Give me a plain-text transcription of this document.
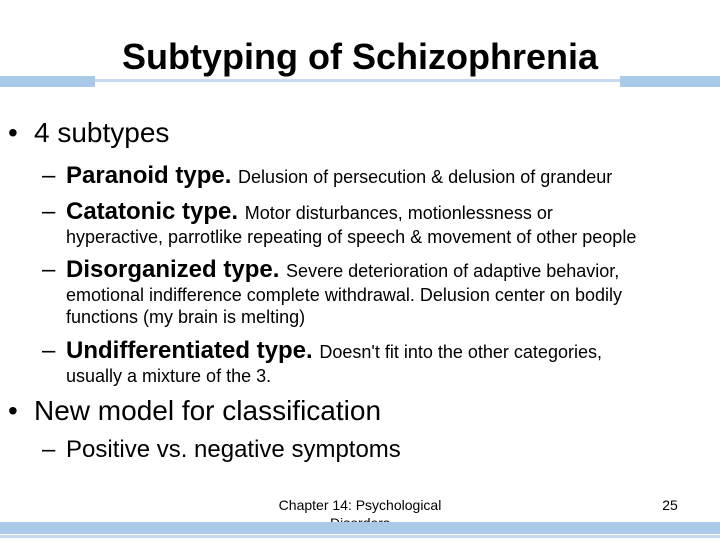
Subtyping of Schizophrenia
• 4 subtypes
– Paranoid type. Delusion of persecution & delusion of grandeur
– Catatonic type. Motor disturbances, motionlessness or
hyperactive, parrotlike repeating of speech & movement of other people
– Disorganized type. Severe deterioration of adaptive behavior,
emotional indifference complete withdrawal. Delusion center on bodily
functions (my brain is melting)
– Undifferentiated type. Doesn't fit into the other categories,
usually a mixture of the 3.
• New model for classification
– Positive vs. negative symptoms
Chapter 14: Psychological	25
